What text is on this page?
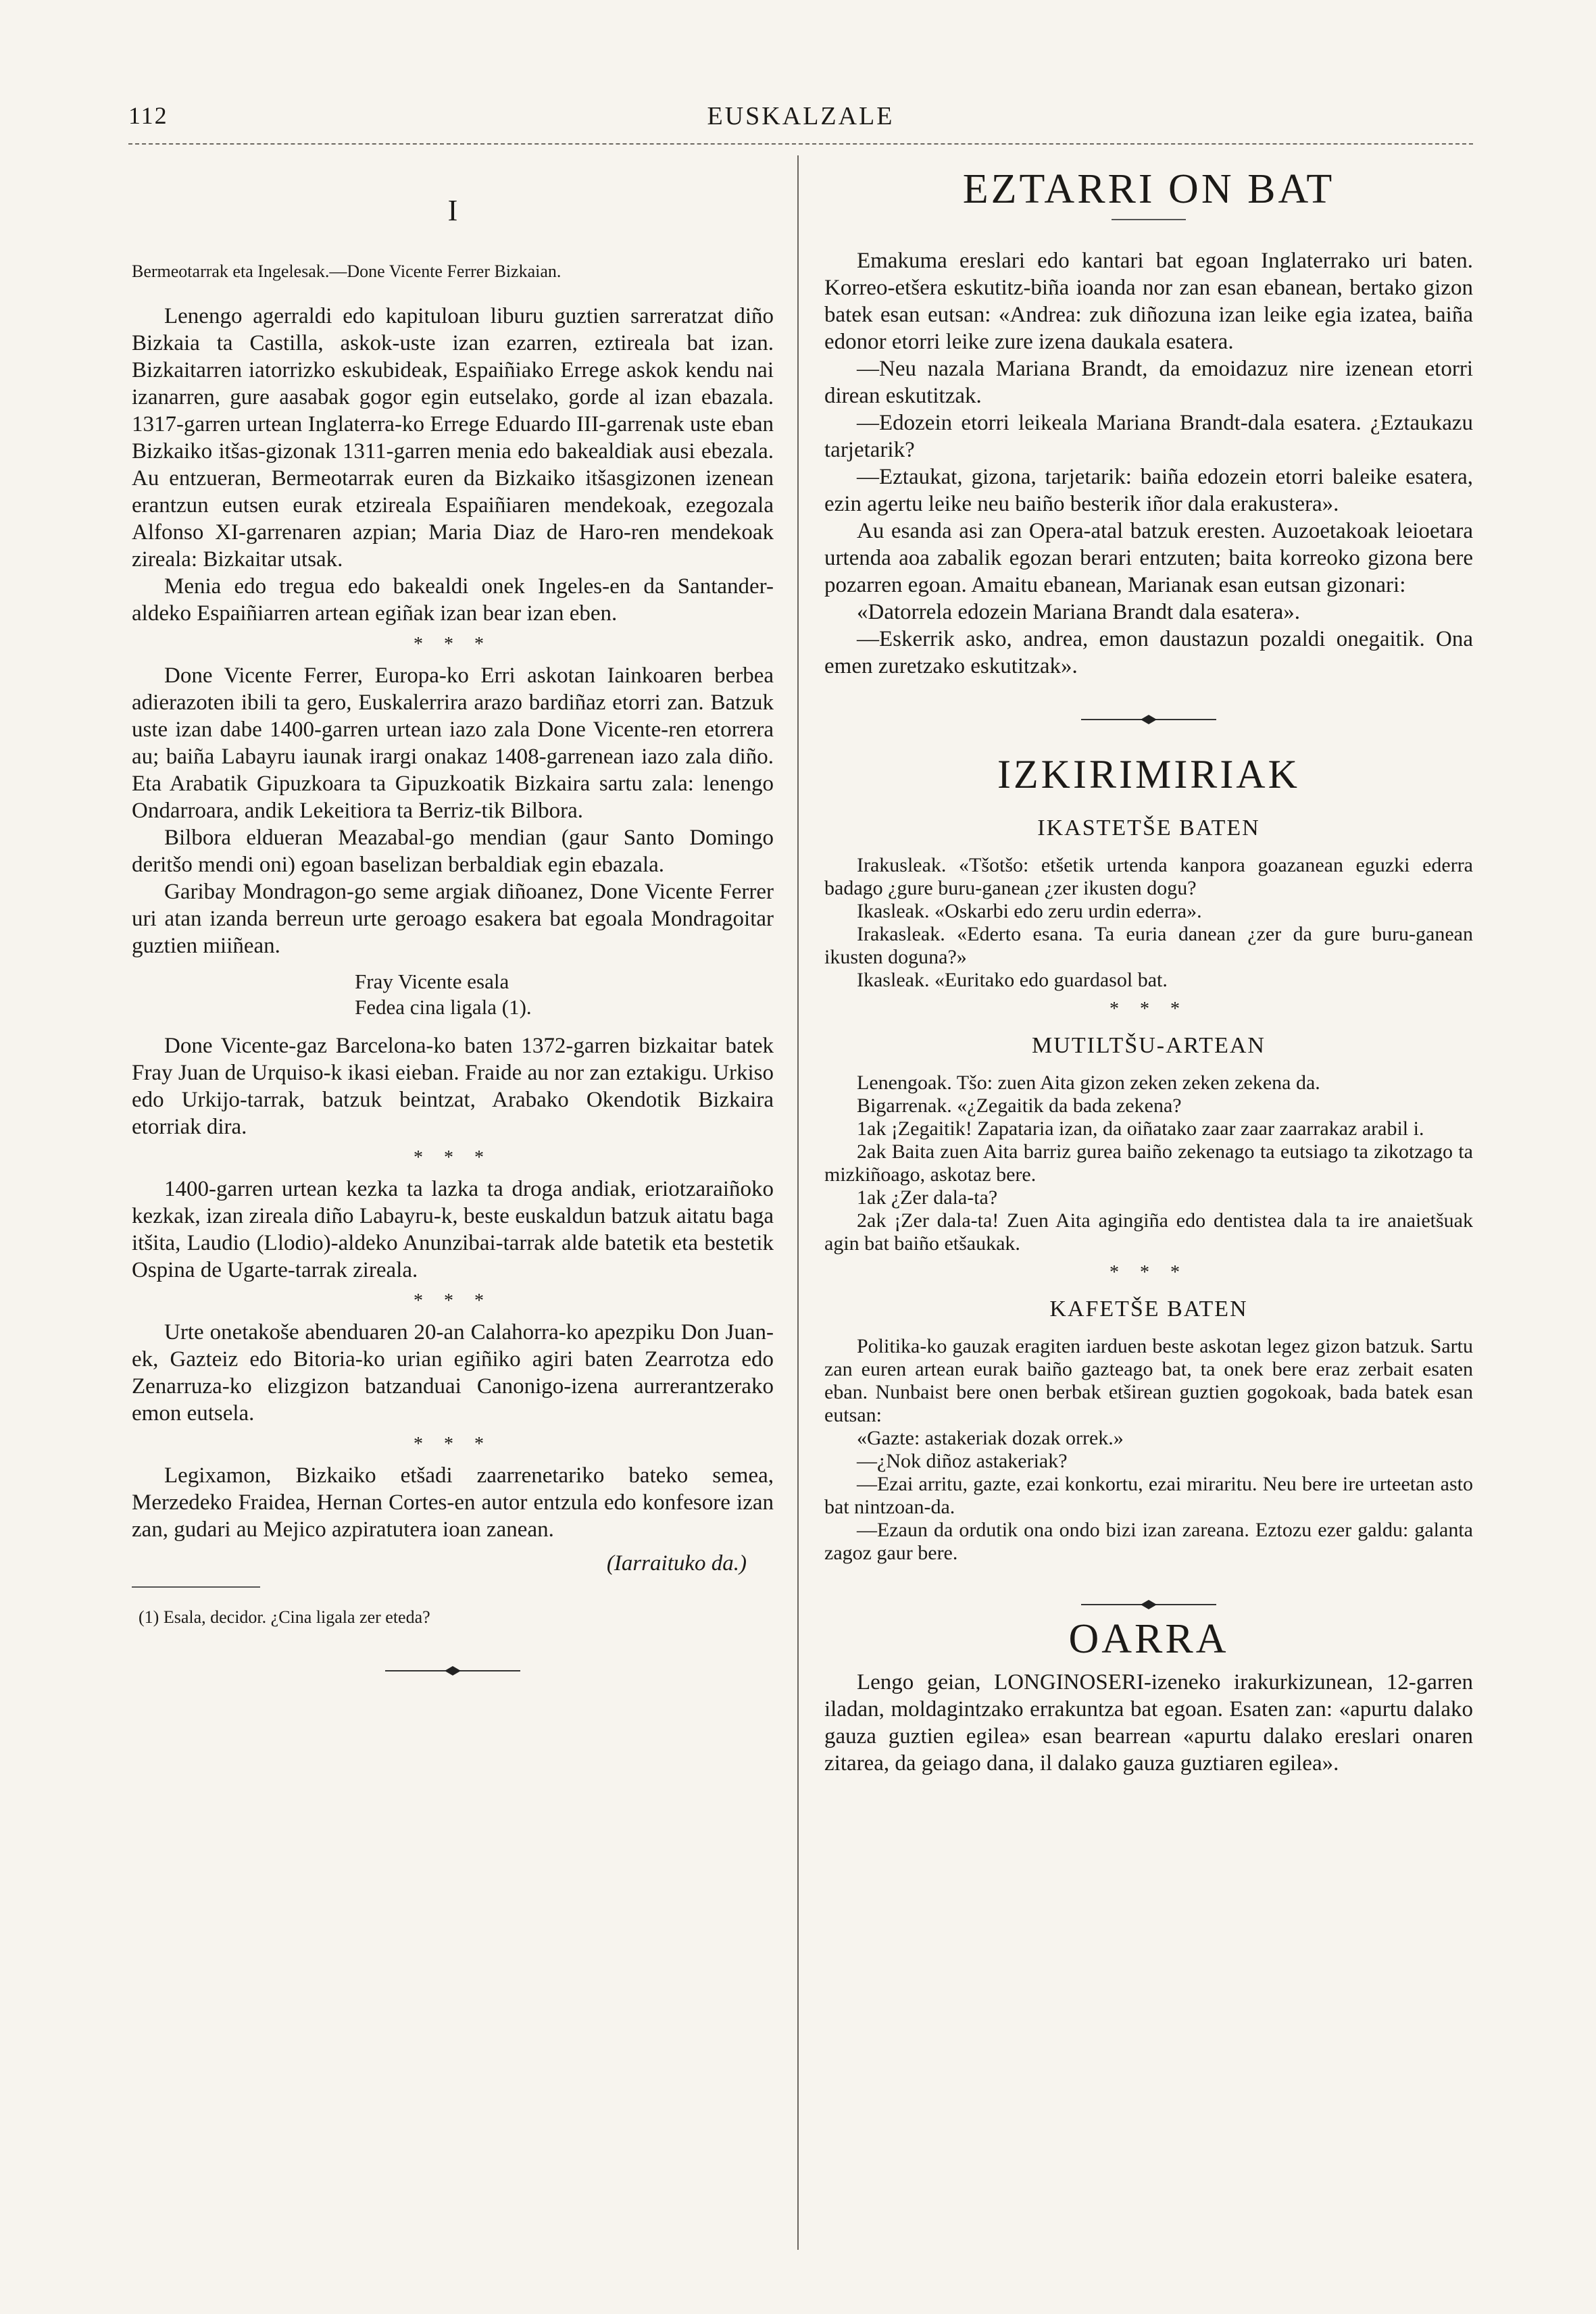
112	EUSKALZALE
I

Bermeotarrak eta Ingelesak.—Done Vicente Ferrer Bizkaian.

Lenengo agerraldi edo kapituloan liburu guztien sarreratzat diño Bizkaia ta Castilla, askok-uste izan ezarren, eztireala bat izan. Bizkaitarren iatorrizko eskubideak, Espaiñiako Errege askok kendu nai izanarren, gure aasabak gogor egin eutselako, gorde al izan ebazala. 1317-garren urtean Inglaterra-ko Errege Eduardo III-garrenak uste eban Bizkaiko itšas-gizonak 1311-garren menia edo bakealdiak ausi ebezala. Au entzueran, Bermeotarrak euren da Bizkaiko itšasgizonen izenean erantzun eutsen eurak etzireala Espaiñiaren mendekoak, ezegozala Alfonso XI-garrenaren azpian; Maria Diaz de Haro-ren mendekoak zireala: Bizkaitar utsak.

Menia edo tregua edo bakealdi onek Ingeles-en da Santander-aldeko Espaiñiarren artean egiñak izan bear izan eben.

* * *

Done Vicente Ferrer, Europa-ko Erri askotan Iainkoaren berbea adierazoten ibili ta gero, Euskalerrira arazo bardiñaz etorri zan. Batzuk uste izan dabe 1400-garren urtean iazo zala Done Vicente-ren etorrera au; baiña Labayru iaunak irargi onakaz 1408-garrenean iazo zala diño. Eta Arabatik Gipuzkoara ta Gipuzkoatik Bizkaira sartu zala: lenengo Ondarroara, andik Lekeitiora ta Berriz-tik Bilbora.

Bilbora eldueran Meazabal-go mendian (gaur Santo Domingo deritšo mendi oni) egoan baselizan berbaldiak egin ebazala.

Garibay Mondragon-go seme argiak diñoanez, Done Vicente Ferrer uri atan izanda berreun urte geroago esakera bat egoala Mondragoitar guztien miiñean.

Fray Vicente esala
Fedea cina ligala (1).

Done Vicente-gaz Barcelona-ko baten 1372-garren bizkaitar batek Fray Juan de Urquiso-k ikasi eieban. Fraide au nor zan eztakigu. Urkiso edo Urkijo-tarrak, batzuk beintzat, Arabako Okendotik Bizkaira etorriak dira.

* * *

1400-garren urtean kezka ta lazka ta droga andiak, eriotzaraiñoko kezkak, izan zireala diño Labayru-k, beste euskaldun batzuk aitatu baga itšita, Laudio (Llodio)-aldeko Anunzibai-tarrak alde batetik eta bestetik Ospina de Ugarte-tarrak zireala.

* * *

Urte onetakoše abenduaren 20-an Calahorra-ko apezpiku Don Juan-ek, Gazteiz edo Bitoria-ko urian egiñiko agiri baten Zearrotza edo Zenarruza-ko elizgizon batzanduai Canonigo-izena aurrerantzerako emon eutsela.

* * *

Legixamon, Bizkaiko etšadi zaarrenetariko bateko semea, Merzedeko Fraidea, Hernan Cortes-en autor entzula edo konfesore izan zan, gudari au Mejico azpiratutera ioan zanean.

(Iarraituko da.)

(1) Esala, decidor. ¿Cina ligala zer eteda?

EZTARRI ON BAT

Emakuma ereslari edo kantari bat egoan Inglaterrako uri baten. Korreo-etšera eskutitz-biña ioanda nor zan esan ebanean, bertako gizon batek esan eutsan: «Andrea: zuk diñozuna izan leike egia izatea, baiña edonor etorri leike zure izena daukala esatera.

—Neu nazala Mariana Brandt, da emoidazuz nire izenean etorri direan eskutitzak.

—Edozein etorri leikeala Mariana Brandt-dala esatera. ¿Eztaukazu tarjetarik?

—Eztaukat, gizona, tarjetarik: baiña edozein etorri baleike esatera, ezin agertu leike neu baiño besterik iñor dala erakustera».

Au esanda asi zan Opera-atal batzuk eresten. Auzoetakoak leioetara urtenda aoa zabalik egozan berari entzuten; baita korreoko gizona bere pozarren egoan. Amaitu ebanean, Marianak esan eutsan gizonari:

«Datorrela edozein Mariana Brandt dala esatera».

—Eskerrik asko, andrea, emon daustazun pozaldi onegaitik. Ona emen zuretzako eskutitzak».

IZKIRIMIRIAK
IKASTETŠE BATEN

Irakusleak. «Tšotšo: etšetik urtenda kanpora goazanean eguzki ederra badago ¿gure buru-ganean ¿zer ikusten dogu?

Ikasleak. «Oskarbi edo zeru urdin ederra».

Irakasleak. «Ederto esana. Ta euria danean ¿zer da gure buru-ganean ikusten doguna?»

Ikasleak. «Euritako edo guardasol bat.

* * *
MUTILTŠU-ARTEAN

Lenengoak. Tšo: zuen Aita gizon zeken zeken zekena da.

Bigarrenak. «¿Zegaitik da bada zekena?

1ak ¡Zegaitik! Zapataria izan, da oiñatako zaar zaar zaarrakaz arabil i.

2ak Baita zuen Aita barriz gurea baiño zekenago ta eutsiago ta zikotzago ta mizkiñoago, askotaz bere.

1ak ¿Zer dala-ta?

2ak ¡Zer dala-ta! Zuen Aita agingiña edo dentistea dala ta ire anaietšuak agin bat baiño etšaukak.

* * *
KAFETŠE BATEN

Politika-ko gauzak eragiten iarduen beste askotan legez gizon batzuk. Sartu zan euren artean eurak baiño gazteago bat, ta onek bere eraz zerbait esaten eban. Nunbaist bere onen berbak etširean guztien gogokoak, bada batek esan eutsan:

«Gazte: astakeriak dozak orrek.»

—¿Nok diñoz astakeriak?

—Ezai arritu, gazte, ezai konkortu, ezai miraritu. Neu bere ire urteetan asto bat nintzoan-da.

—Ezaun da ordutik ona ondo bizi izan zareana. Eztozu ezer galdu: galanta zagoz gaur bere.

OARRA

Lengo geian, LONGINOSERI-izeneko irakurkizunean, 12-garren iladan, moldagintzako errakuntza bat egoan. Esaten zan: «apurtu dalako gauza guztien egilea» esan bearrean «apurtu dalako ereslari onaren zitarea, da geiago dana, il dalako gauza guztiaren egilea».
